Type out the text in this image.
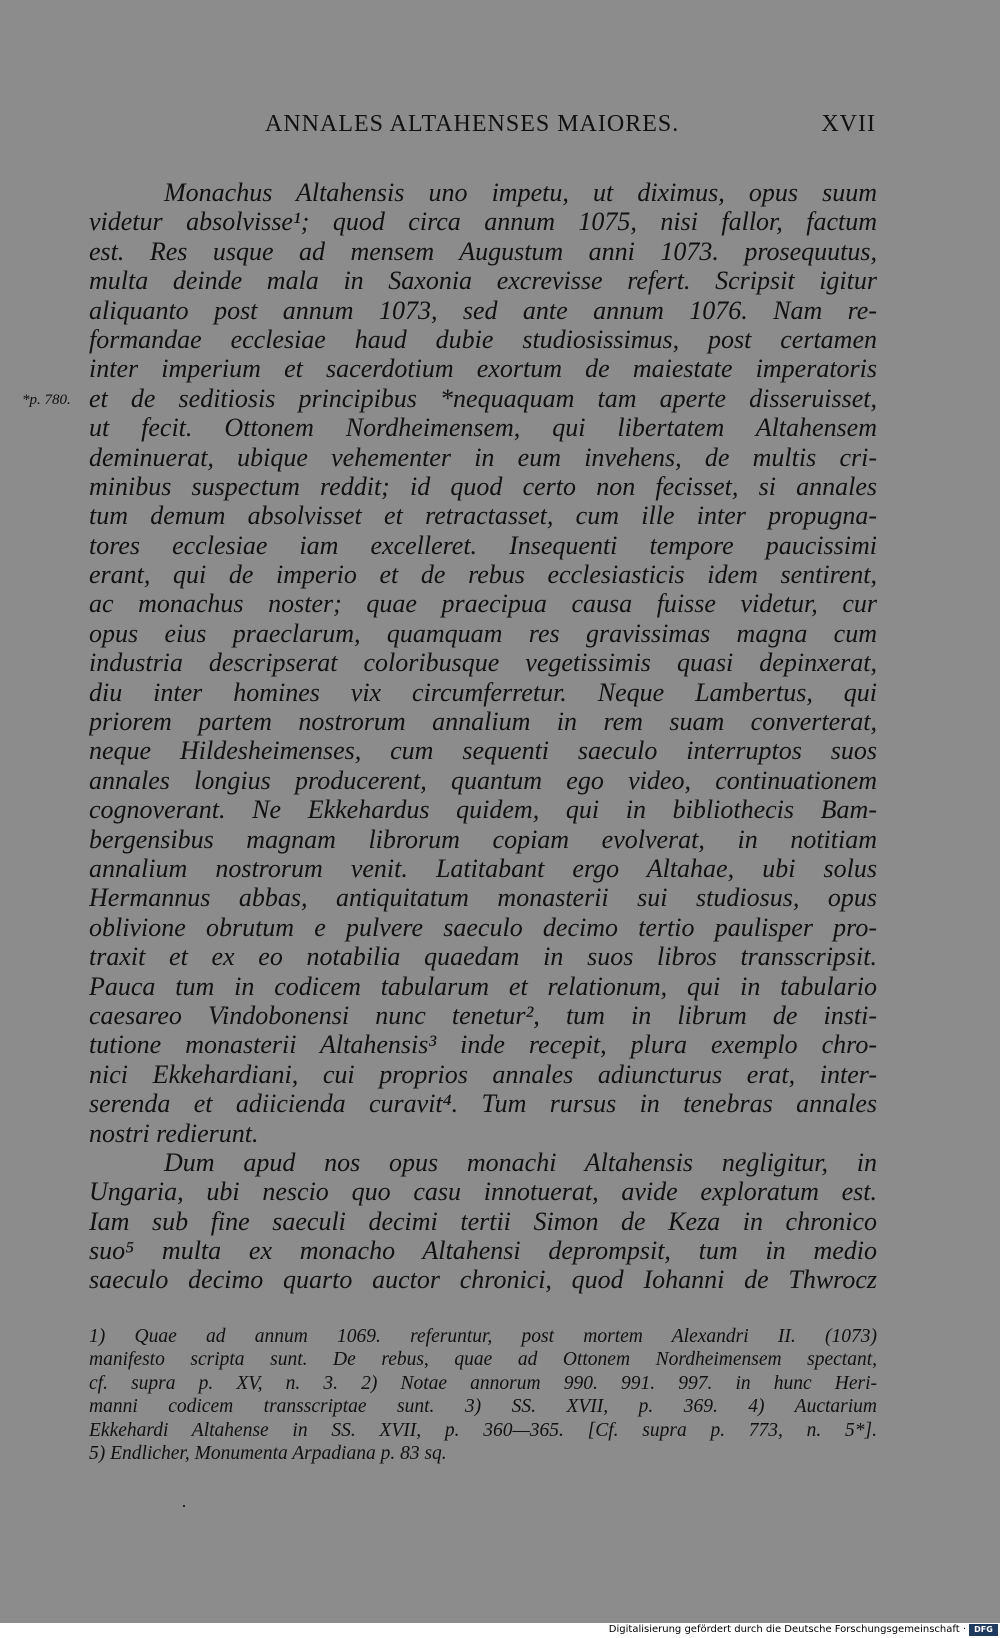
ANNALES ALTAHENSES MAIORES.	XVII
*p. 780.
Monachus Altahensis uno impetu, ut diximus, opus suum
videtur absolvisse¹; quod circa annum 1075, nisi fallor, factum
est. Res usque ad mensem Augustum anni 1073. prosequutus,
multa deinde mala in Saxonia excrevisse refert. Scripsit igitur
aliquanto post annum 1073, sed ante annum 1076. Nam re-
formandae ecclesiae haud dubie studiosissimus, post certamen
inter imperium et sacerdotium exortum de maiestate imperatoris
et de seditiosis principibus *nequaquam tam aperte disseruisset,
ut fecit. Ottonem Nordheimensem, qui libertatem Altahensem
deminuerat, ubique vehementer in eum invehens, de multis cri-
minibus suspectum reddit; id quod certo non fecisset, si annales
tum demum absolvisset et retractasset, cum ille inter propugna-
tores ecclesiae iam excelleret. Insequenti tempore paucissimi
erant, qui de imperio et de rebus ecclesiasticis idem sentirent,
ac monachus noster; quae praecipua causa fuisse videtur, cur
opus eius praeclarum, quamquam res gravissimas magna cum
industria descripserat coloribusque vegetissimis quasi depinxerat,
diu inter homines vix circumferretur. Neque Lambertus, qui
priorem partem nostrorum annalium in rem suam converterat,
neque Hildesheimenses, cum sequenti saeculo interruptos suos
annales longius producerent, quantum ego video, continuationem
cognoverant. Ne Ekkehardus quidem, qui in bibliothecis Bam-
bergensibus magnam librorum copiam evolverat, in notitiam
annalium nostrorum venit. Latitabant ergo Altahae, ubi solus
Hermannus abbas, antiquitatum monasterii sui studiosus, opus
oblivione obrutum e pulvere saeculo decimo tertio paulisper pro-
traxit et ex eo notabilia quaedam in suos libros transscripsit.
Pauca tum in codicem tabularum et relationum, qui in tabulario
caesareo Vindobonensi nunc tenetur², tum in librum de insti-
tutione monasterii Altahensis³ inde recepit, plura exemplo chro-
nici Ekkehardiani, cui proprios annales adiuncturus erat, inter-
serenda et adiicienda curavit⁴. Tum rursus in tenebras annales
nostri redierunt.
Dum apud nos opus monachi Altahensis negligitur, in
Ungaria, ubi nescio quo casu innotuerat, avide exploratum est.
Iam sub fine saeculi decimi tertii Simon de Keza in chronico
suo⁵ multa ex monacho Altahensi deprompsit, tum in medio
saeculo decimo quarto auctor chronici, quod Iohanni de Thwrocz
1) Quae ad annum 1069. referuntur, post mortem Alexandri II. (1073)
manifesto scripta sunt. De rebus, quae ad Ottonem Nordheimensem spectant,
cf. supra p. XV, n. 3. 2) Notae annorum 990. 991. 997. in hunc Heri-
manni codicem transscriptae sunt. 3) SS. XVII, p. 369. 4) Auctarium
Ekkehardi Altahense in SS. XVII, p. 360—365. [Cf. supra p. 773, n. 5*].
5) Endlicher, Monumenta Arpadiana p. 83 sq.
Digitalisierung gefördert durch die Deutsche Forschungsgemeinschaft ·	DFG
